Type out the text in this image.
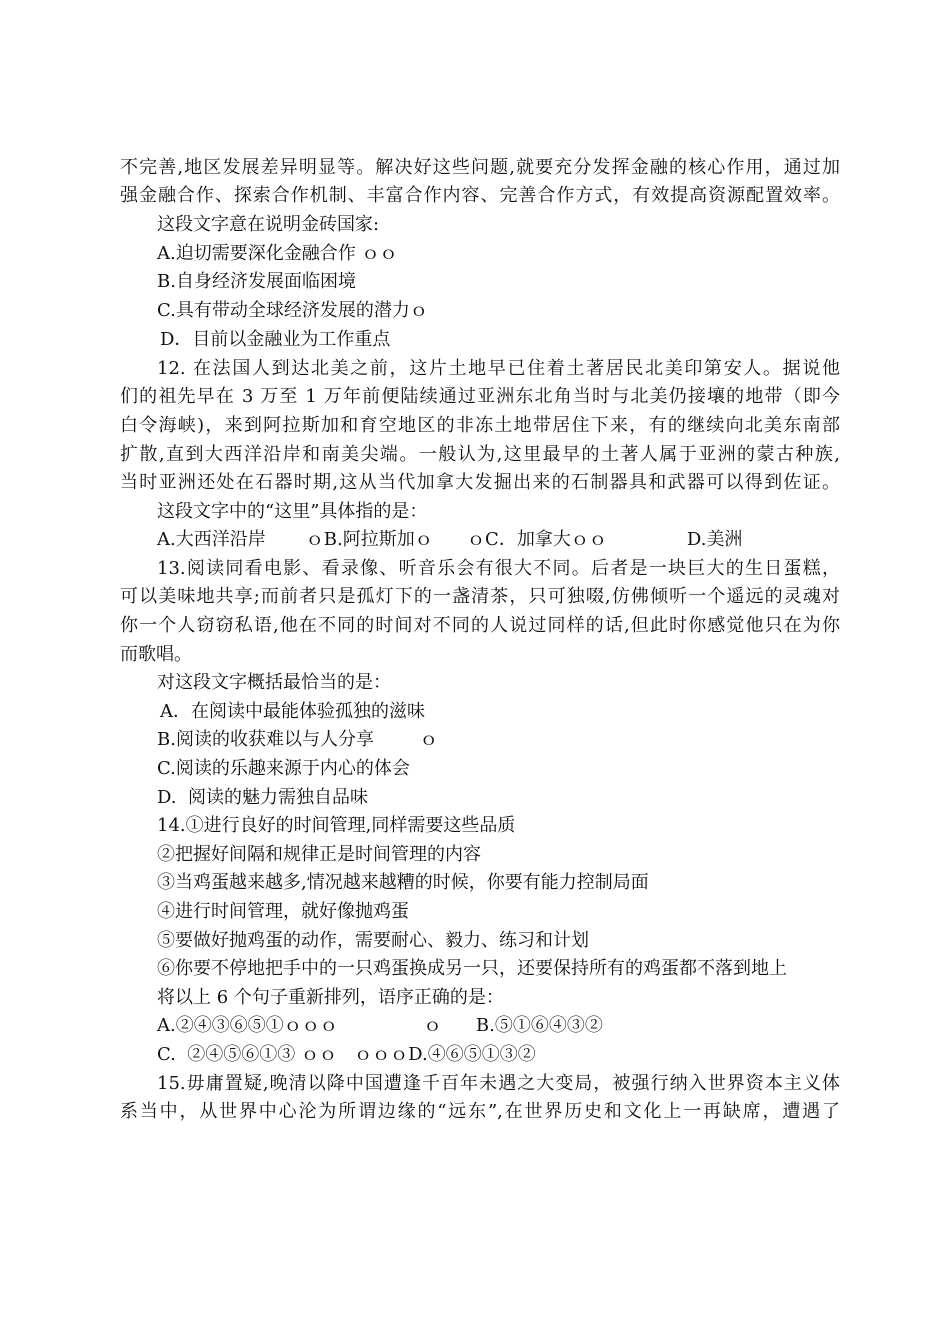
不完善,地区发展差异明显等。解决好这些问题,就要充分发挥金融的核心作用，通过加
强金融合作、探索合作机制、丰富合作内容、完善合作方式，有效提高资源配置效率。
这段文字意在说明金砖国家:
A.迫切需要深化金融合作 ｏｏ
B.自身经济发展面临困境
C.具有带动全球经济发展的潜力ｏ
D．目前以金融业为工作重点
12. 在法国人到达北美之前，这片土地早已住着土著居民北美印第安人。据说他
们的祖先早在 3 万至 1 万年前便陆续通过亚洲东北角当时与北美仍接壤的地带（即今
白令海峡)，来到阿拉斯加和育空地区的非冻土地带居住下来，有的继续向北美东南部
扩散,直到大西洋沿岸和南美尖端。一般认为,这里最早的土著人属于亚洲的蒙古种族,
当时亚洲还处在石器时期,这从当代加拿大发掘出来的石制器具和武器可以得到佐证。
这段文字中的“这里”具体指的是：
A.大西洋沿岸       ｏB.阿拉斯加ｏ      ｏC．加拿大ｏｏ              D.美洲
13.阅读同看电影、看录像、听音乐会有很大不同。后者是一块巨大的生日蛋糕，
可以美味地共享;而前者只是孤灯下的一盏清茶，只可独啜,仿佛倾听一个遥远的灵魂对
你一个人窃窃私语,他在不同的时间对不同的人说过同样的话,但此时你感觉他只在为你
而歌唱。
对这段文字概括最恰当的是：
A．在阅读中最能体验孤独的滋味
B.阅读的收获难以与人分享        ｏ
C.阅读的乐趣来源于内心的体会
D.  阅读的魅力需独自品味
14.①进行良好的时间管理,同样需要这些品质
②把握好间隔和规律正是时间管理的内容
③当鸡蛋越来越多,情况越来越糟的时候，你要有能力控制局面
④进行时间管理，就好像抛鸡蛋
⑤要做好抛鸡蛋的动作，需要耐心、毅力、练习和计划
⑥你要不停地把手中的一只鸡蛋换成另一只，还要保持所有的鸡蛋都不落到地上
将以上 6 个句子重新排列，语序正确的是：
A.②④③⑥⑤①ｏｏｏ               ｏ      B.⑤①⑥④③②
C.  ②④⑤⑥①③ ｏｏ   ｏｏｏD.④⑥⑤①③②
15.毋庸置疑,晚清以降中国遭逢千百年未遇之大变局，被强行纳入世界资本主义体
系当中，从世界中心沦为所谓边缘的“远东”,在世界历史和文化上一再缺席，遭遇了
